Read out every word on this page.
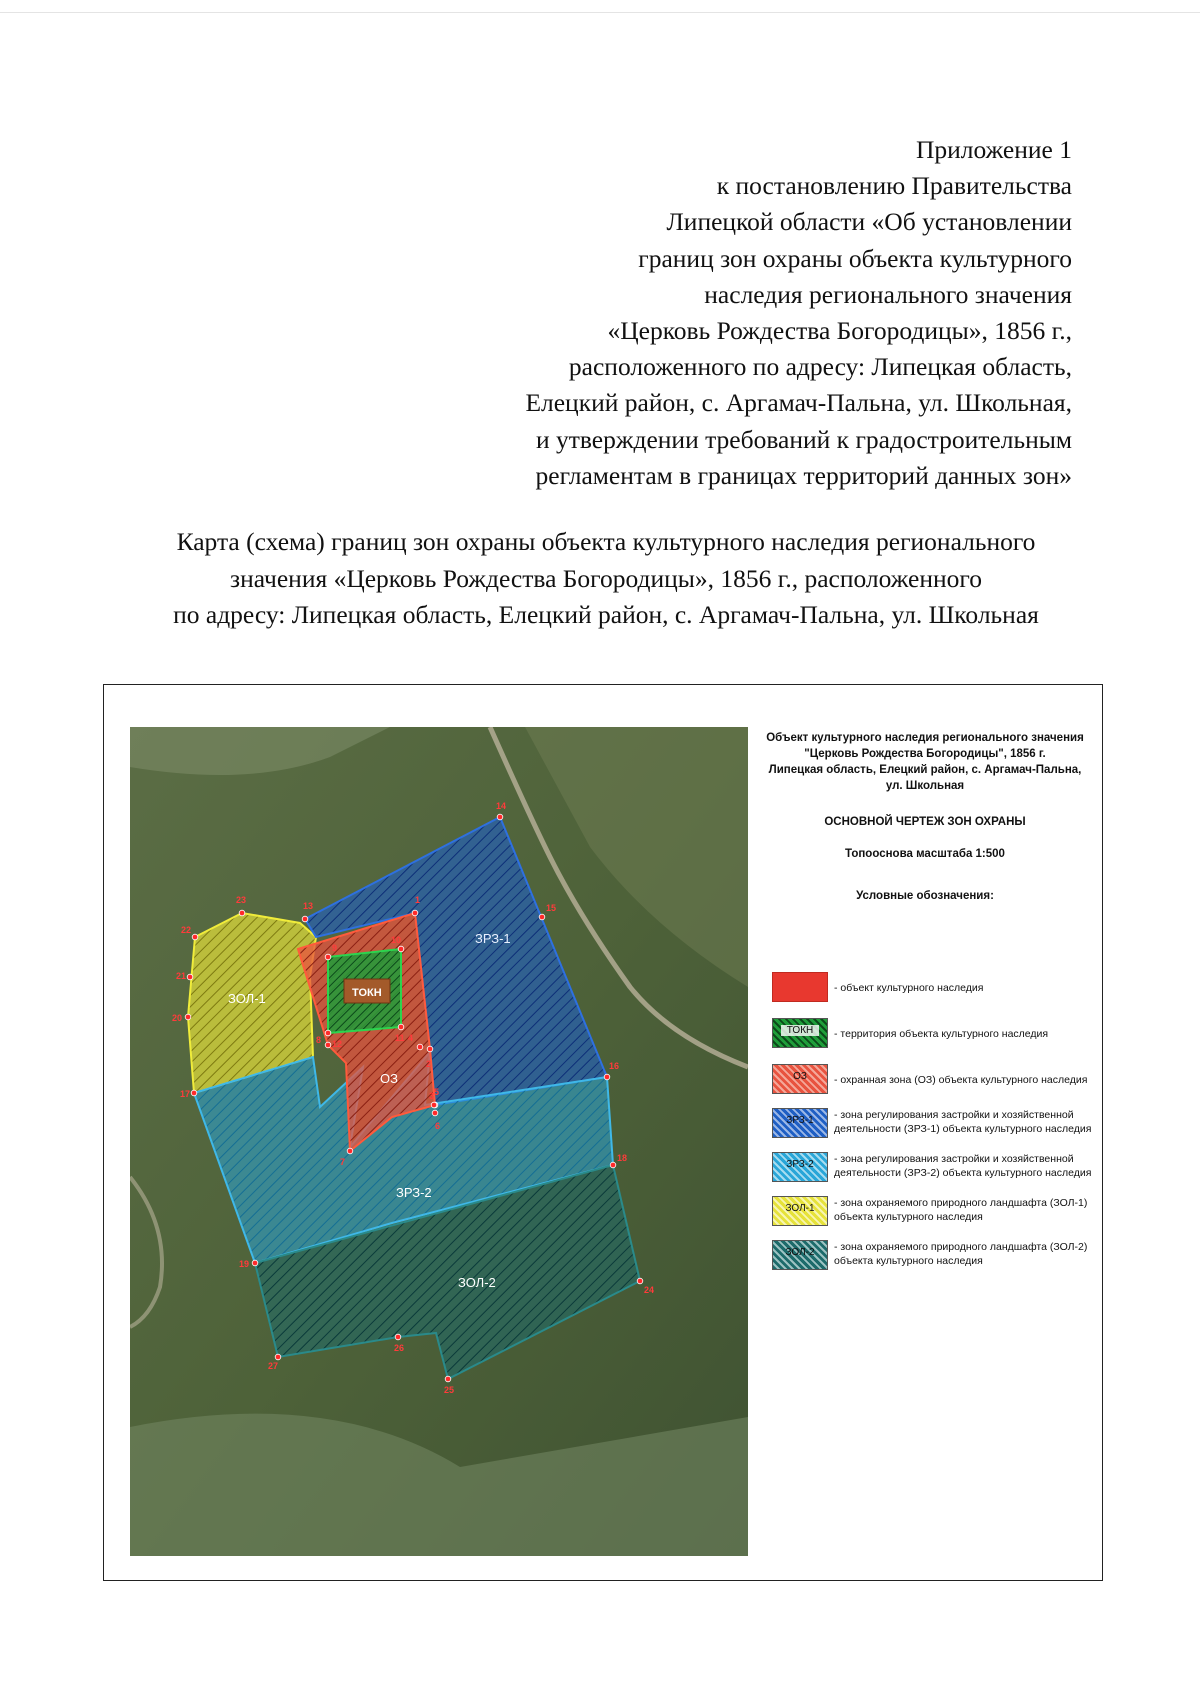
Приложение 1
к постановлению Правительства
Липецкой области «Об установлении
границ зон охраны объекта культурного
наследия регионального значения
«Церковь Рождества Богородицы», 1856 г.,
расположенного по адресу: Липецкая область,
Елецкий район, с. Аргамач-Пальна, ул. Школьная,
и утверждении требований к градостроительным
регламентам в границах территорий данных зон»
Карта (схема) границ зон охраны объекта культурного наследия регионального
значения «Церковь Рождества Богородицы», 1856 г., расположенного
по адресу: Липецкая область, Елецкий район, с. Аргамач-Пальна, ул. Школьная
ЗРЗ-1
ЗОЛ-1	ТОКН
ОЗ
ЗРЗ-2
ЗОЛ-2
1
2
3
4
5
6
7
8
9
10
11
12
13
14
15
16
17
18
19
20
21
22
23
24
25
26
27
Объект культурного наследия регионального значения
"Церковь Рождества Богородицы", 1856 г.
Липецкая область, Елецкий район, с. Аргамач-Пальна,
ул. Школьная
ОСНОВНОЙ ЧЕРТЕЖ ЗОН ОХРАНЫ
Топооснова масштаба 1:500
Условные обозначения:
- объект культурного наследия
ТОКН	- территория объекта культурного наследия
ОЗ	- охранная зона (ОЗ) объекта культурного наследия
ЗРЗ-1	- зона регулирования застройки и хозяйственной деятельности (ЗРЗ-1) объекта культурного наследия
ЗРЗ-2	- зона регулирования застройки и хозяйственной деятельности (ЗРЗ-2) объекта культурного наследия
ЗОЛ-1	- зона охраняемого природного ландшафта (ЗОЛ-1) объекта культурного наследия
ЗОЛ-2	- зона охраняемого природного ландшафта (ЗОЛ-2) объекта культурного наследия
